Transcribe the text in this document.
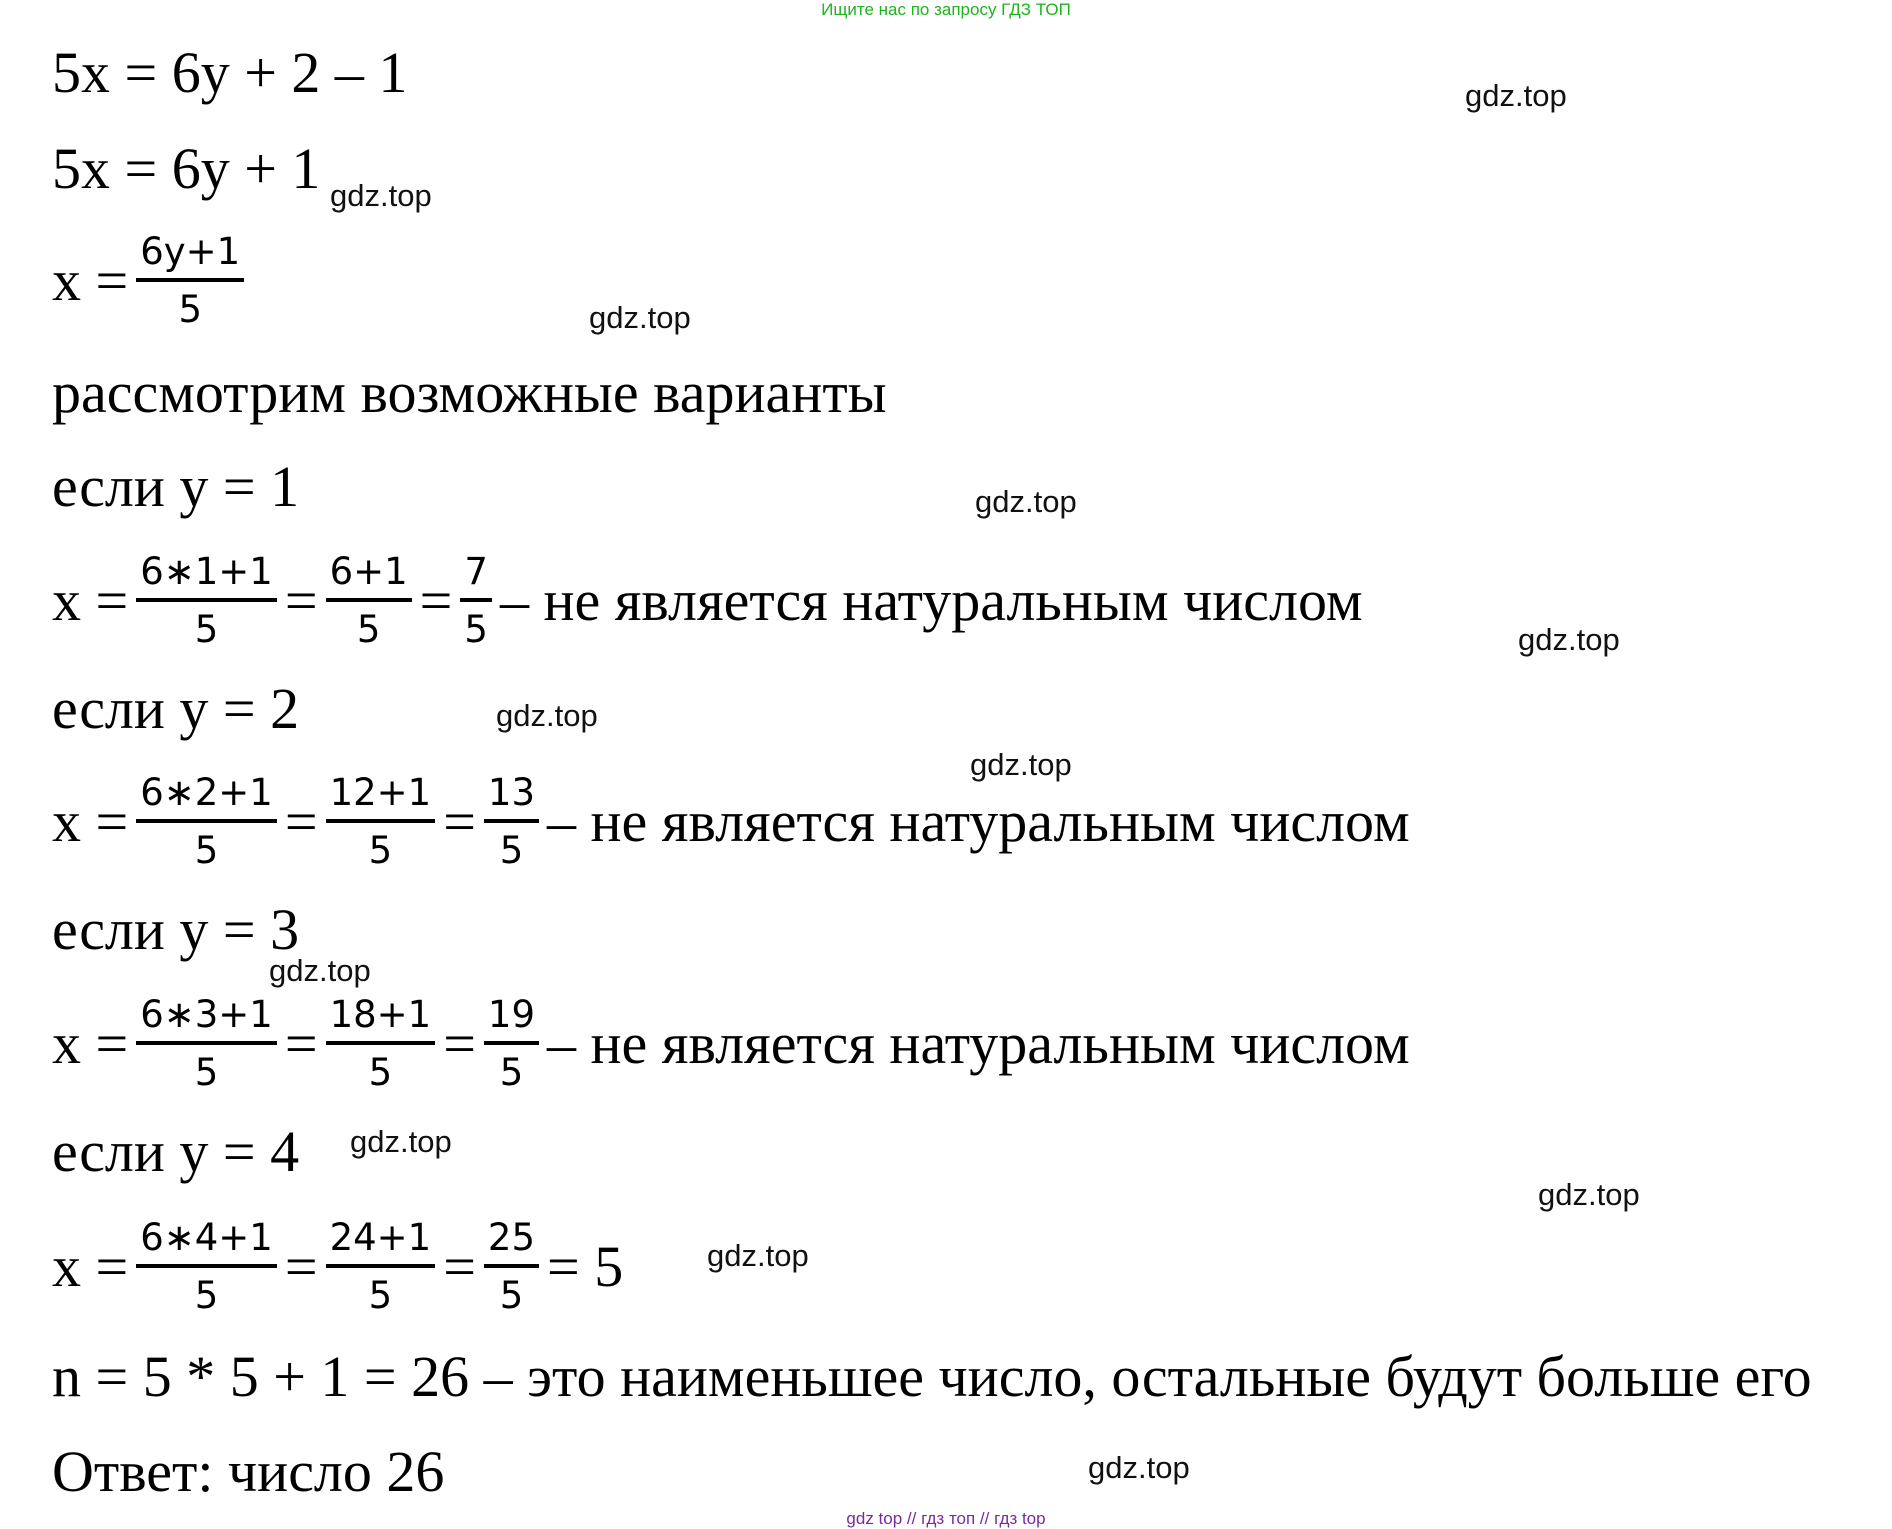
Ищите нас по запросу ГДЗ ТОП
5x = 6y + 2 – 1
5x = 6y + 1
$x = \frac{6y+1}{5}$
рассмотрим возможные варианты
если y = 1
$x = \frac{6∗1+1}{5} = \frac{6+1}{5} = \frac{7}{5}$ – не является натуральным числом
если y = 2
$x = \frac{6∗2+1}{5} = \frac{12+1}{5} = \frac{13}{5}$ – не является натуральным числом
если y = 3
$x = \frac{6∗3+1}{5} = \frac{18+1}{5} = \frac{19}{5}$ – не является натуральным числом
если y = 4
$x = \frac{6∗4+1}{5} = \frac{24+1}{5} = \frac{25}{5} = 5$
n = 5 * 5 + 1 = 26 – это наименьшее число, остальные будут больше его
Ответ: число 26
gdz.top
gdz.top
gdz.top
gdz.top
gdz.top
gdz.top
gdz.top
gdz.top
gdz.top
gdz.top
gdz.top
gdz.top
gdz top // гдз топ // гдз top
